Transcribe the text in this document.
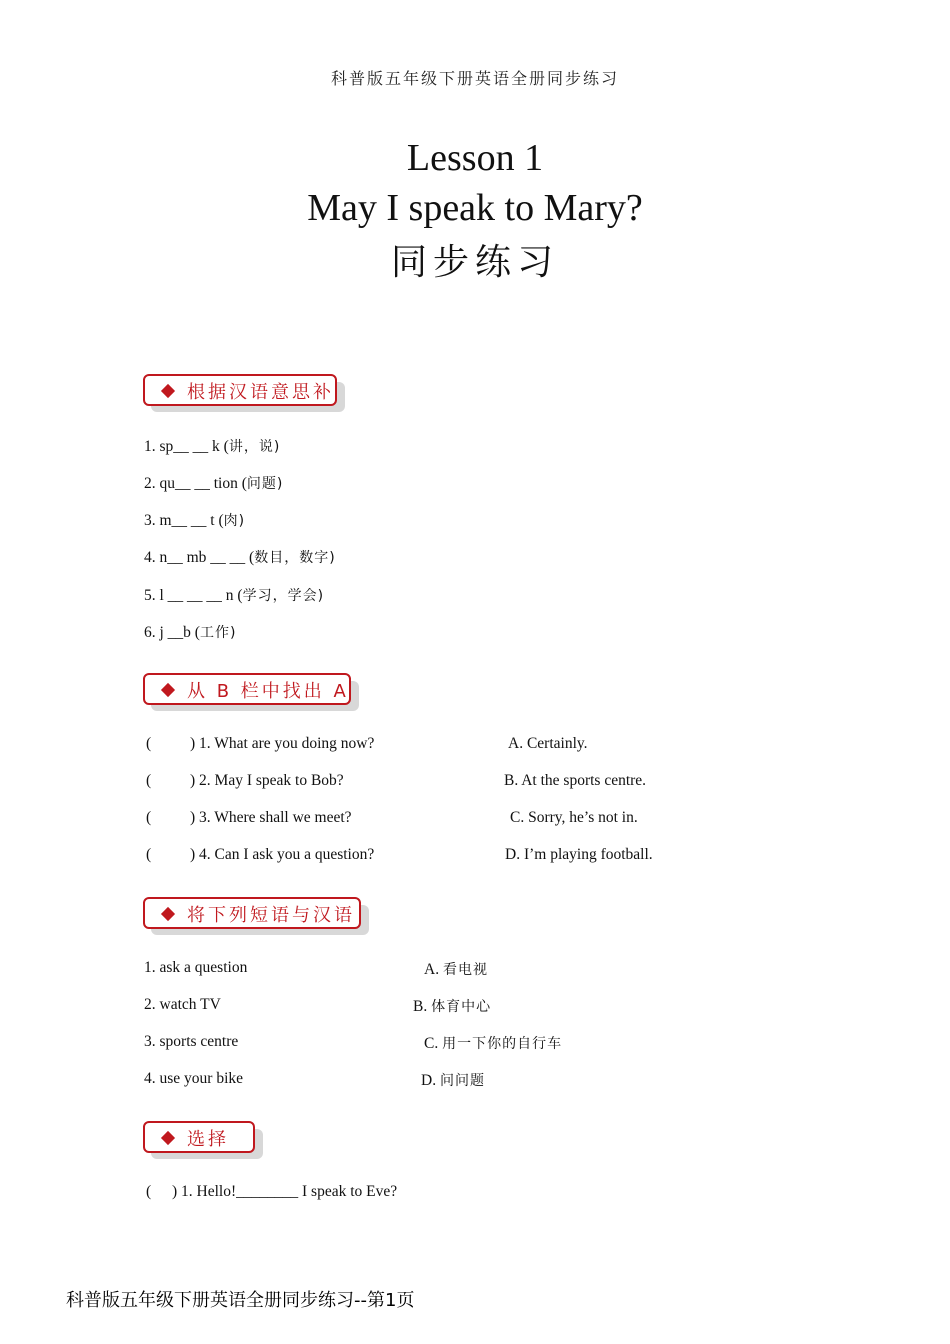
科普版五年级下册英语全册同步练习
Lesson 1
May I speak to Mary?
同步练习
根据汉语意思补
1. sp__ __ k (讲，说)
2. qu__ __ tion (问题)
3. m__ __ t (肉)
4. n__ mb __ __ (数目，数字)
5. l __ __ __ n (学习，学会)
6. j __b (工作)
从 B 栏中找出 A
(	) 1. What are you doing now?	A. Certainly.
(	) 2. May I speak to Bob?	B. At the sports centre.
(	) 3. Where shall we meet?	C. Sorry, he’s not in.
(	) 4. Can I ask you a question?	D. I’m playing football.
将下列短语与汉语
1. ask a question	A. 看电视
2. watch TV	B. 体育中心
3. sports centre	C. 用一下你的自行车
4. use your bike	D. 问问题
选择
( ) 1. Hello!________ I speak to Eve?
科普版五年级下册英语全册同步练习--第1页
